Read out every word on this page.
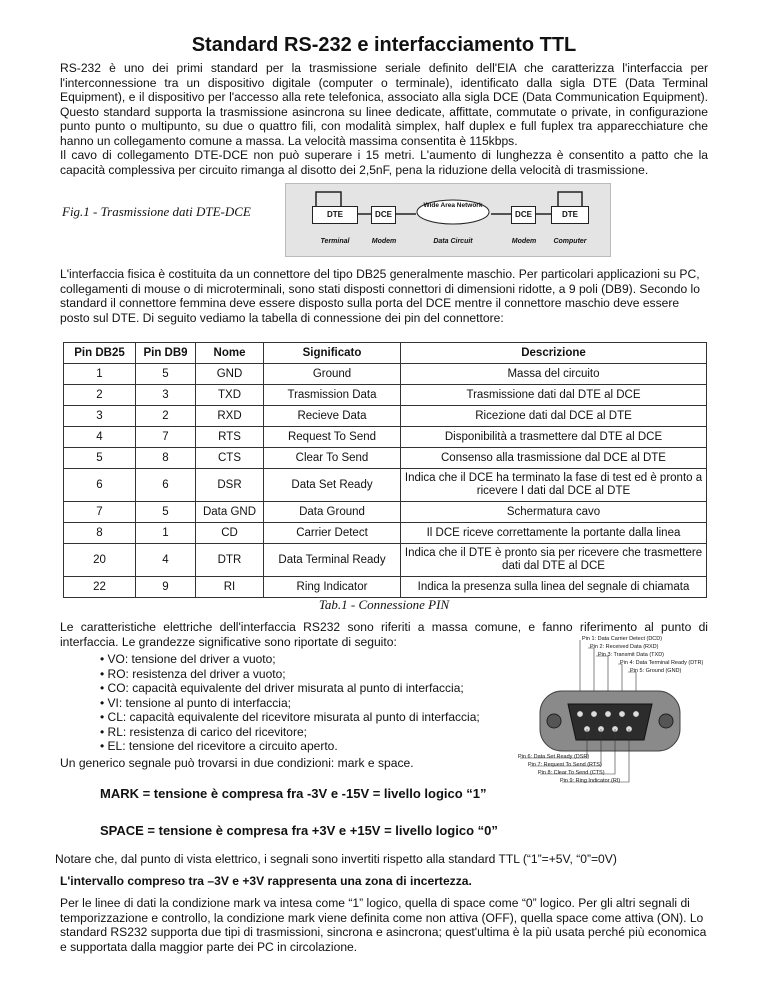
Standard RS-232 e interfacciamento TTL

RS-232 è uno dei primi standard per la trasmissione seriale definito dell'EIA che caratterizza l'interfaccia per l'interconnessione tra un dispositivo digitale (computer o terminale), identificato dalla sigla DTE (Data Terminal Equipment), e il dispositivo per l'accesso alla rete telefonica, associato alla sigla DCE (Data Communication Equipment). Questo standard supporta la trasmissione asincrona su linee dedicate, affittate, commutate o private, in configurazione punto punto o multipunto, su due o quattro fili, con modalità simplex, half duplex e full fuplex tra apparecchiature che hanno un collegamento comune a massa. La velocità massima consentita è 115kbps.

Il cavo di collegamento DTE-DCE non può superare i 15 metri. L'aumento di lunghezza è consentito a patto che la capacità complessiva per circuito rimanga al disotto dei 2,5nF, pena la riduzione della velocità di trasmissione.

Fig.1 - Trasmissione dati DTE-DCE	DTE	DCE
Wide Area Network
DCE	DTE
Terminal	Modem	Data Circuit	Modem	Computer

L'interfaccia fisica è costituita da un connettore del tipo DB25 generalmente maschio. Per particolari applicazioni su PC, collegamenti di mouse o di microterminali, sono stati disposti connettori di dimensioni ridotte, a 9 poli (DB9). Secondo lo standard il connettore femmina deve essere disposto sulla porta del DCE mentre il connettore maschio deve essere posto sul DTE. Di seguito vediamo la tabella di connessione dei pin del connettore:

Pin DB25	Pin DB9	Nome	Significato	Descrizione
1	5	GND	Ground	Massa del circuito
2	3	TXD	Trasmission Data	Trasmissione dati dal DTE al DCE
3	2	RXD	Recieve Data	Ricezione dati dal DCE al DTE
4	7	RTS	Request To Send	Disponibilità a trasmettere dal DTE al DCE
5	8	CTS	Clear To Send	Consenso alla trasmissione dal DCE al DTE
6	6	DSR	Data Set Ready	Indica che il DCE ha terminato la fase di test ed è pronto a ricevere I dati dal DCE al DTE
7	5	Data GND	Data Ground	Schermatura cavo
8	1	CD	Carrier Detect	Il DCE riceve correttamente la portante dalla linea
20	4	DTR	Data Terminal Ready	Indica che il DTE è pronto sia per ricevere che trasmettere dati dal DTE al DCE
22	9	RI	Ring Indicator	Indica la presenza sulla linea del segnale di chiamata
Tab.1 - Connessione PIN

Le caratteristiche elettriche dell'interfaccia RS232 sono riferiti a massa comune, e fanno riferimento al punto di interfaccia. Le grandezze significative sono riportate di seguito:

• VO: tensione del driver a vuoto;
• RO: resistenza del driver a vuoto;
• CO: capacità equivalente del driver misurata al punto di interfaccia;
• VI: tensione al punto di interfaccia;
• CL: capacità equivalente del ricevitore misurata al punto di interfaccia;
• RL: resistenza di carico del ricevitore;
• EL: tensione del ricevitore a circuito aperto.
Pin 1: Data Carrier Detect (DCD)
Pin 2: Received Data (RXD)
Pin 3: Transmit Data (TXD)
Pin 4: Data Terminal Ready (DTR)
Pin 5: Ground (GND)
Pin 6: Data Set Ready (DSR)
Pin 7: Request To Send (RTS)
Pin 8: Clear To Send (CTS)
Pin 9: Ring Indicator (RI)

Un generico segnale può trovarsi in due condizioni: mark e space.

MARK = tensione è compresa fra -3V e -15V = livello logico “1”
SPACE = tensione è compresa fra +3V e +15V = livello logico “0”

Notare che, dal punto di vista elettrico, i segnali sono invertiti rispetto alla standard TTL (“1”=+5V, “0”=0V)

L'intervallo compreso tra –3V e +3V rappresenta una zona di incertezza.

Per le linee di dati la condizione mark va intesa come “1” logico, quella di space come “0” logico. Per gli altri segnali di temporizzazione e controllo, la condizione mark viene definita come non attiva (OFF), quella space come attiva (ON). Lo standard RS232 supporta due tipi di trasmissioni, sincrona e asincrona; quest'ultima è la più usata perché più economica e supportata dalla maggior parte dei PC in circolazione.
